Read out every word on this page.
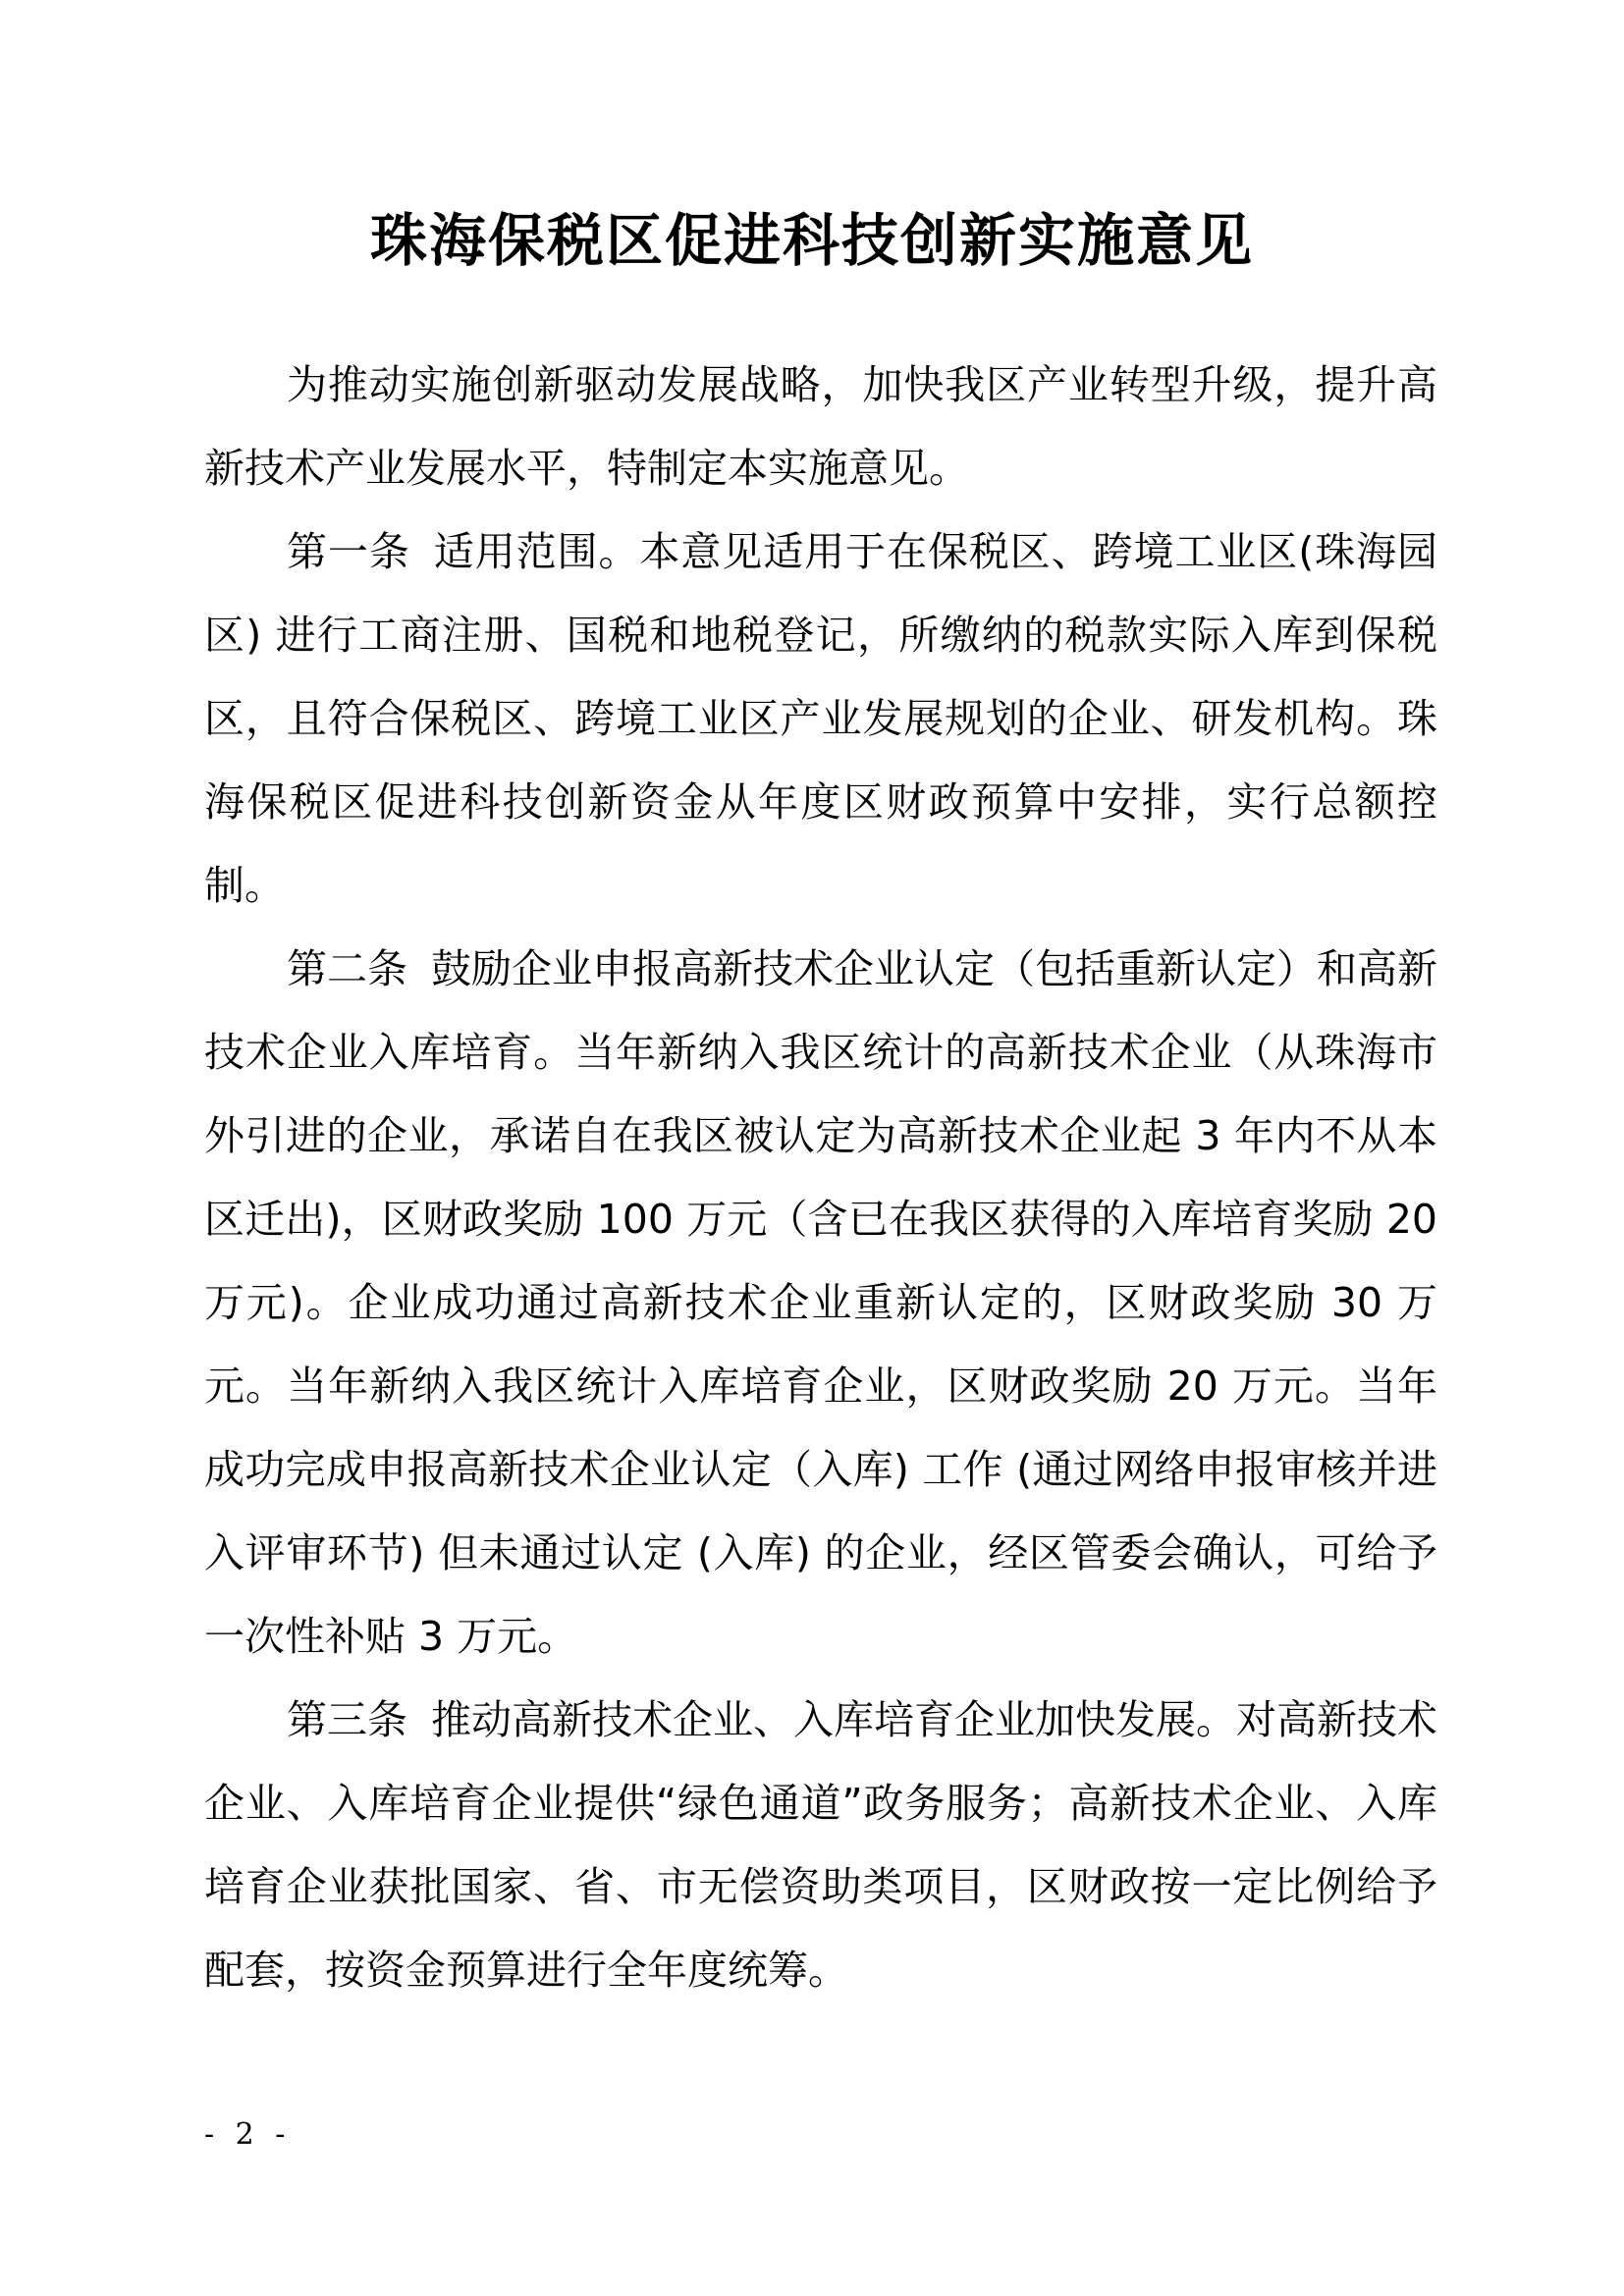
珠海保税区促进科技创新实施意见

为推动实施创新驱动发展战略，加快我区产业转型升级，提升高新技术产业发展水平，特制定本实施意见。

第一条 适用范围。本意见适用于在保税区、跨境工业区(珠海园区) 进行工商注册、国税和地税登记，所缴纳的税款实际入库到保税区，且符合保税区、跨境工业区产业发展规划的企业、研发机构。珠海保税区促进科技创新资金从年度区财政预算中安排，实行总额控制。

第二条 鼓励企业申报高新技术企业认定（包括重新认定）和高新技术企业入库培育。当年新纳入我区统计的高新技术企业（从珠海市外引进的企业，承诺自在我区被认定为高新技术企业起 3 年内不从本区迁出)，区财政奖励 100 万元（含已在我区获得的入库培育奖励 20 万元)。企业成功通过高新技术企业重新认定的，区财政奖励 30 万元。当年新纳入我区统计入库培育企业，区财政奖励 20 万元。当年成功完成申报高新技术企业认定（入库) 工作 (通过网络申报审核并进入评审环节) 但未通过认定 (入库) 的企业，经区管委会确认，可给予一次性补贴 3 万元。

第三条 推动高新技术企业、入库培育企业加快发展。对高新技术企业、入库培育企业提供“绿色通道”政务服务；高新技术企业、入库培育企业获批国家、省、市无偿资助类项目，区财政按一定比例给予配套，按资金预算进行全年度统筹。

- 2 -
